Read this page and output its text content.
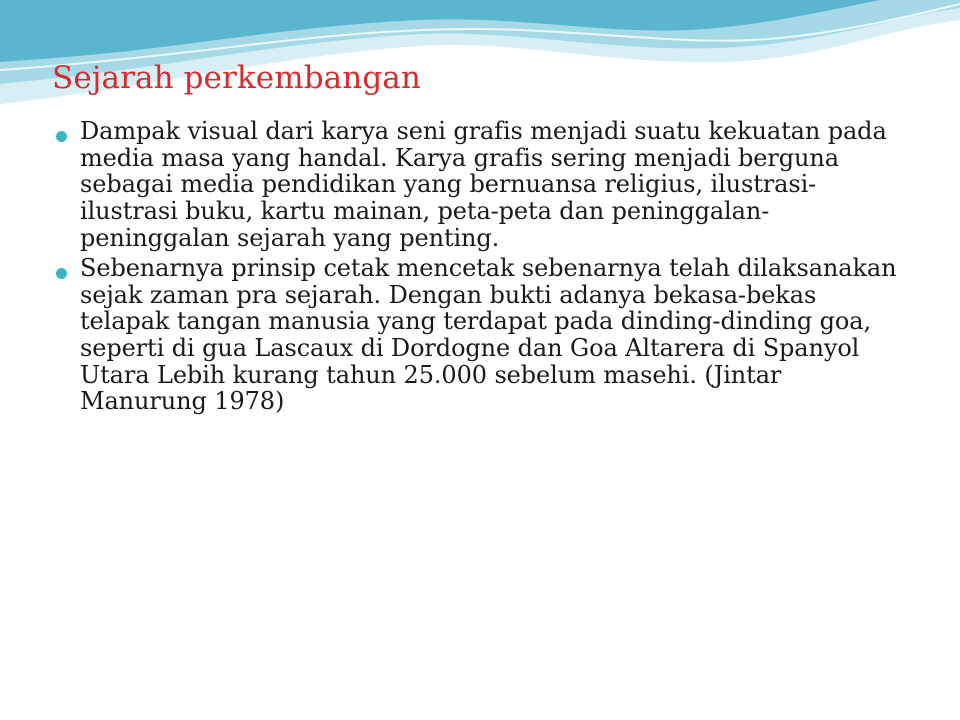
Sejarah perkembangan
Dampak visual dari karya seni grafis menjadi suatu kekuatan pada media masa yang handal. Karya grafis sering menjadi berguna sebagai media pendidikan yang bernuansa religius, ilustrasi-ilustrasi buku, kartu mainan, peta-peta dan peninggalan-peninggalan sejarah yang penting.
Sebenarnya prinsip cetak mencetak sebenarnya telah dilaksanakan sejak zaman pra sejarah. Dengan bukti adanya bekasa-bekas telapak tangan manusia yang terdapat pada dinding-dinding goa, seperti di gua Lascaux di Dordogne dan Goa Altarera di Spanyol Utara Lebih kurang tahun 25.000 sebelum masehi. (Jintar Manurung 1978)
